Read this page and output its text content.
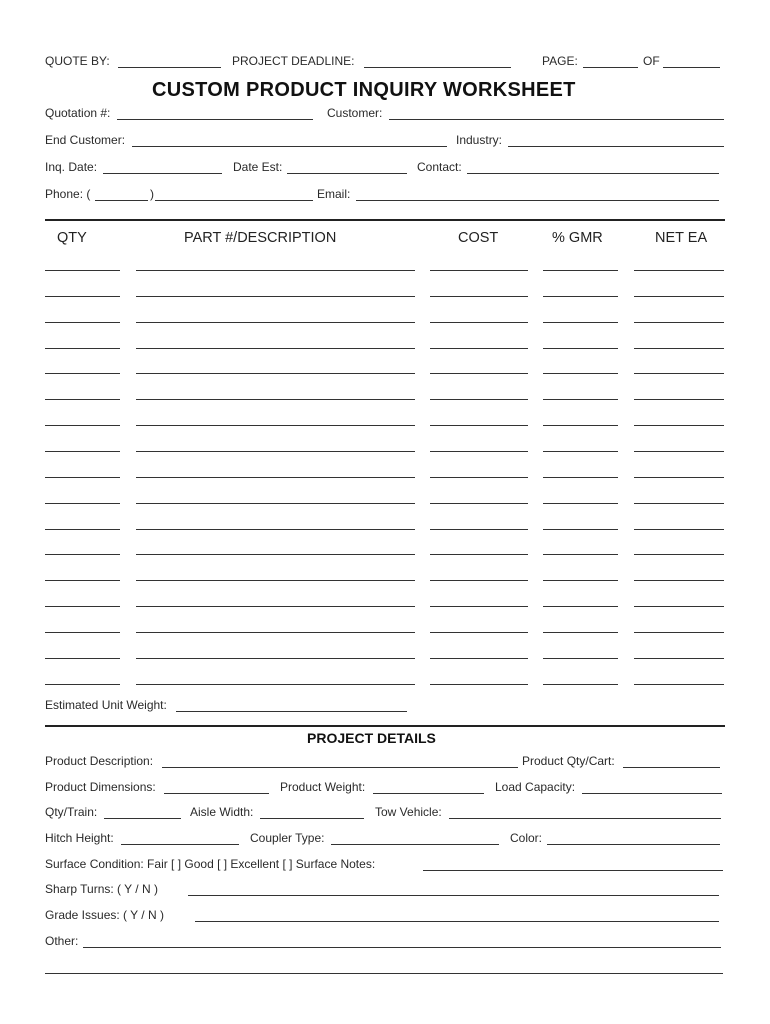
QUOTE BY:	PROJECT DEADLINE:	PAGE:	OF
CUSTOM PRODUCT INQUIRY WORKSHEET
Quotation #:	Customer:
End Customer:	Industry:
Inq. Date:	Date Est:	Contact:
Phone: (	)	Email:
QTY	PART #/DESCRIPTION	COST	% GMR	NET EA
Estimated Unit Weight:
PROJECT DETAILS
Product Description:	Product Qty/Cart:
Product Dimensions:	Product Weight:	Load Capacity:
Qty/Train:	Aisle Width:	Tow Vehicle:
Hitch Height:	Coupler Type:	Color:
Surface Condition: Fair [ ] Good [ ] Excellent [ ] Surface Notes:
Sharp Turns: ( Y / N )
Grade Issues: ( Y / N )
Other:
